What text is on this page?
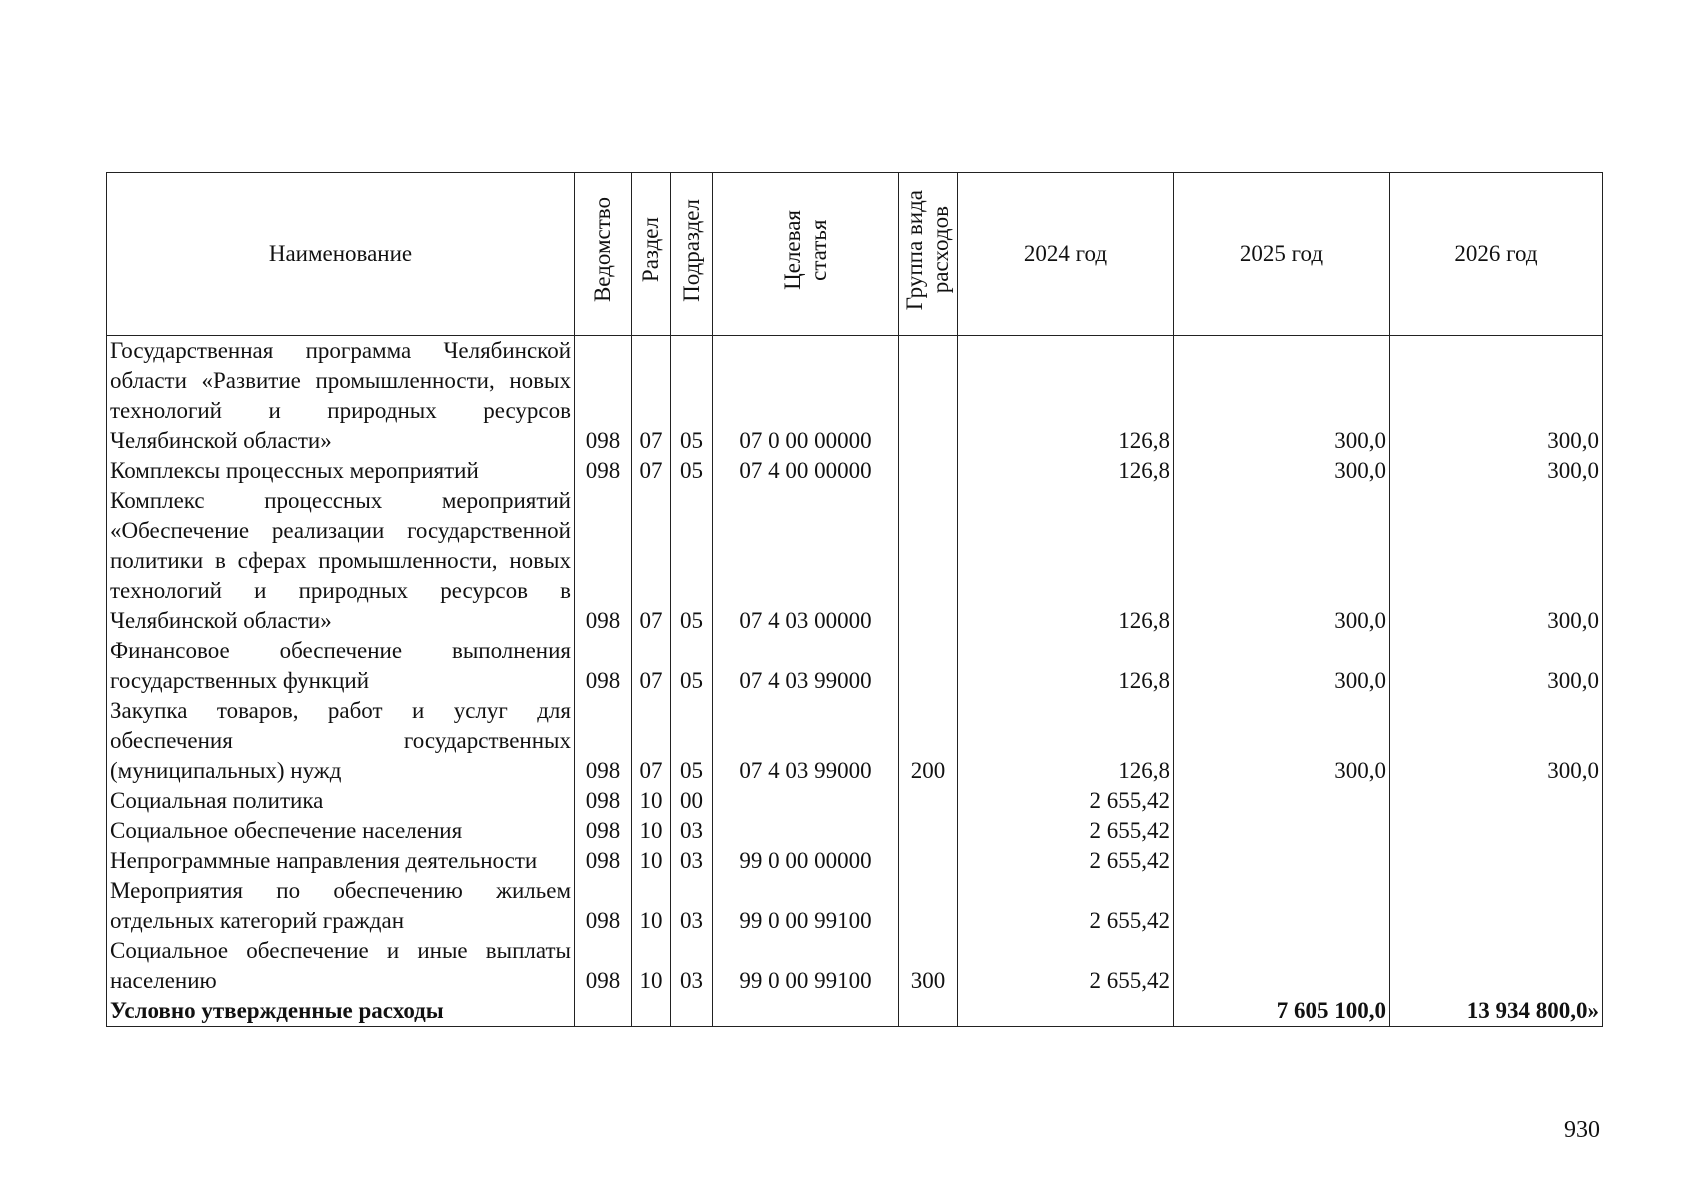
Наименование	Ведомство	Раздел	Подраздел	Целевая
статья	Группа вида
расходов	2024 год	2025 год	2026 год
Государственная программа Челябинской области «Развитие промышленности, новых технологий и природных ресурсов Челябинской области»	098	07	05	07 0 00 00000		126,8	300,0	300,0
Комплексы процессных мероприятий	098	07	05	07 4 00 00000		126,8	300,0	300,0
Комплекс процессных мероприятий «Обеспечение реализации государственной политики в сферах промышленности, новых технологий и природных ресурсов в Челябинской области»	098	07	05	07 4 03 00000		126,8	300,0	300,0
Финансовое обеспечение выполнения государственных функций	098	07	05	07 4 03 99000		126,8	300,0	300,0
Закупка товаров, работ и услуг для обеспечения государственных (муниципальных) нужд	098	07	05	07 4 03 99000	200	126,8	300,0	300,0
Социальная политика	098	10	00			2 655,42		
Социальное обеспечение населения	098	10	03			2 655,42		
Непрограммные направления деятельности	098	10	03	99 0 00 00000		2 655,42		
Мероприятия по обеспечению жильем отдельных категорий граждан	098	10	03	99 0 00 99100		2 655,42		
Социальное обеспечение и иные выплаты населению	098	10	03	99 0 00 99100	300	2 655,42		
Условно утвержденные расходы							7 605 100,0	13 934 800,0»
930
